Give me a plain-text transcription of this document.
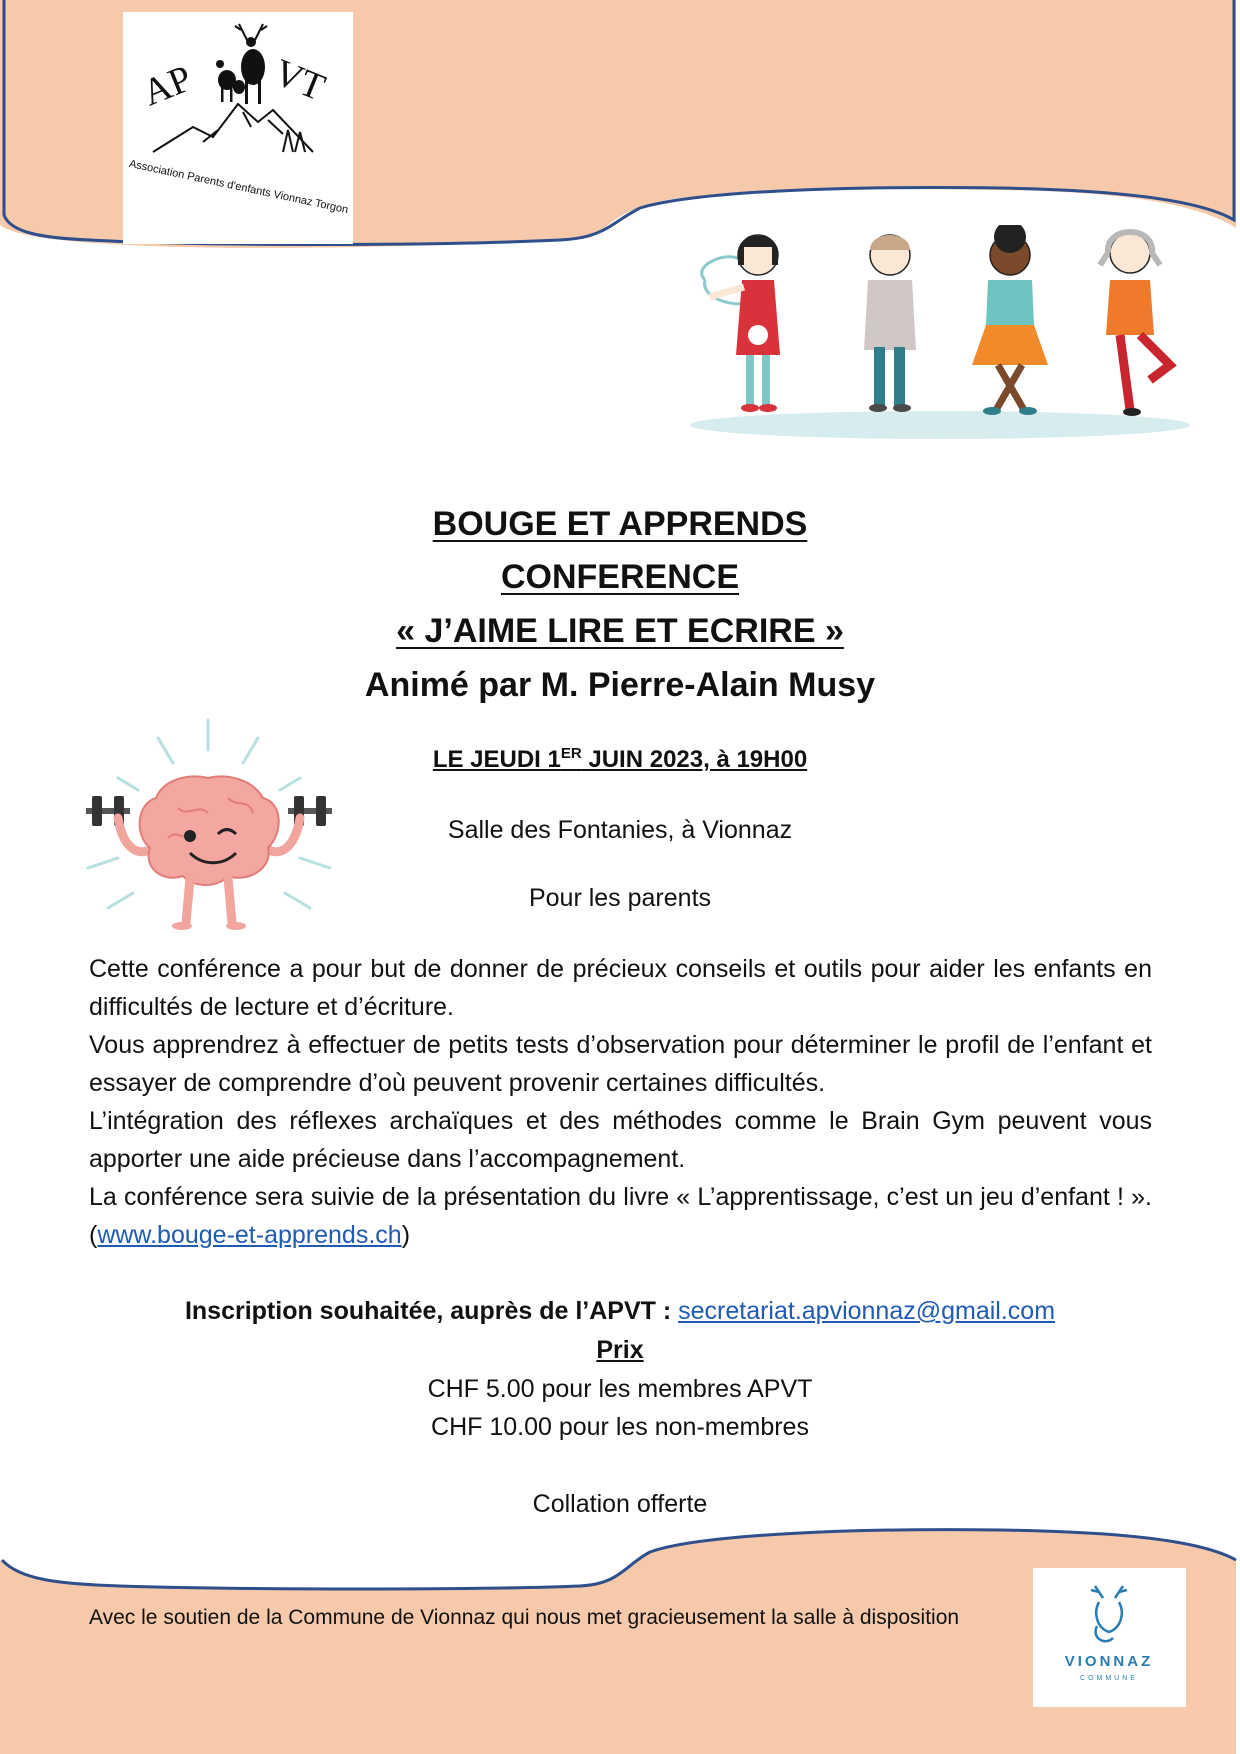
AP VT
Association Parents d'enfants Vionnaz Torgon
BOUGE ET APPRENDS
CONFERENCE
« J’AIME LIRE ET ECRIRE »
Animé par M. Pierre-Alain Musy
LE JEUDI 1ER JUIN 2023, à 19H00
Salle des Fontanies, à Vionnaz
Pour les parents

Cette conférence a pour but de donner de précieux conseils et outils pour aider les enfants en difficultés de lecture et d’écriture.

Vous apprendrez à effectuer de petits tests d’observation pour déterminer le profil de l’enfant et essayer de comprendre d’où peuvent provenir certaines difficultés.

L’intégration des réflexes archaïques et des méthodes comme le Brain Gym peuvent vous apporter une aide précieuse dans l’accompagnement.

La conférence sera suivie de la présentation du livre « L’apprentissage, c’est un jeu d’enfant ! ». (www.bouge-et-apprends.ch)

Inscription souhaitée, auprès de l’APVT : secretariat.apvionnaz@gmail.com
Prix
CHF 5.00 pour les membres APVT
CHF 10.00 pour les non-membres
Collation offerte
Avec le soutien de la Commune de Vionnaz qui nous met gracieusement la salle à disposition
VIONNAZ
COMMUNE
